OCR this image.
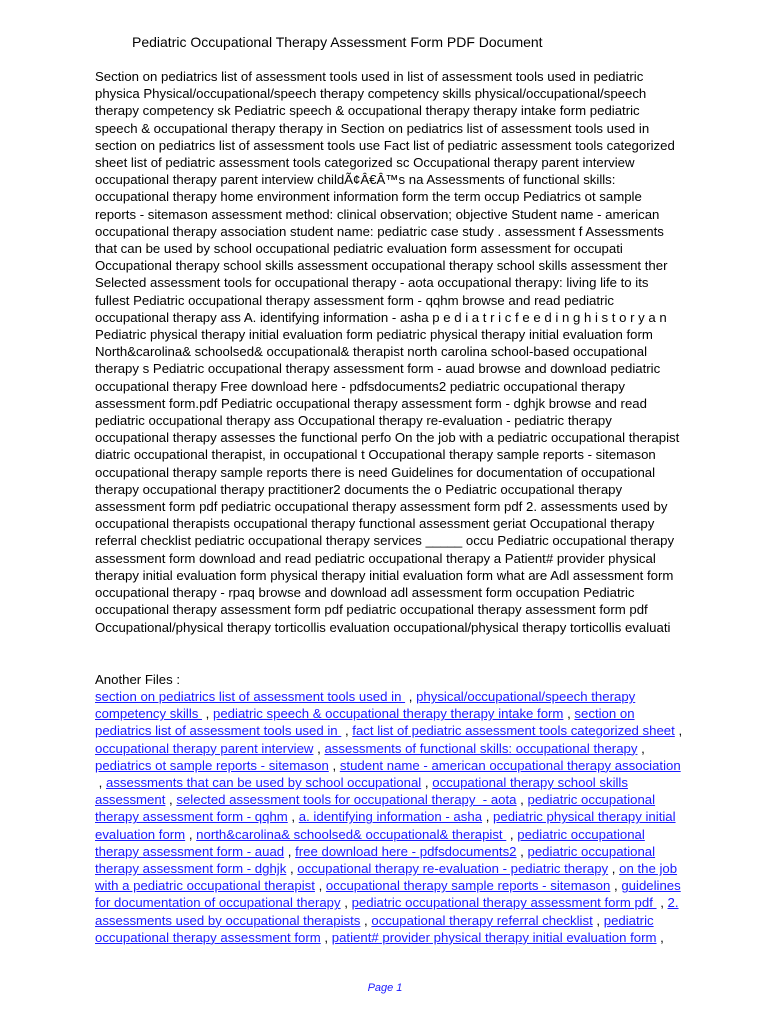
Pediatric Occupational Therapy Assessment Form PDF Document
Section on pediatrics list of assessment tools used in list of assessment tools used in pediatric
physica Physical/occupational/speech therapy competency skills physical/occupational/speech
therapy competency sk Pediatric speech & occupational therapy therapy intake form pediatric
speech & occupational therapy therapy in Section on pediatrics list of assessment tools used in
section on pediatrics list of assessment tools use Fact list of pediatric assessment tools categorized
sheet list of pediatric assessment tools categorized sc Occupational therapy parent interview
occupational therapy parent interview childÃ¢Â€Â™s na Assessments of functional skills:
occupational therapy home environment information form the term occup Pediatrics ot sample
reports - sitemason assessment method: clinical observation; objective Student name - american
occupational therapy association student name: pediatric case study . assessment f Assessments
that can be used by school occupational pediatric evaluation form assessment for occupati
Occupational therapy school skills assessment occupational therapy school skills assessment ther
Selected assessment tools for occupational therapy - aota occupational therapy: living life to its
fullest Pediatric occupational therapy assessment form - qqhm browse and read pediatric
occupational therapy ass A. identifying information - asha p e d i a t r i c f e e d i n g h i s t o r y a n
Pediatric physical therapy initial evaluation form pediatric physical therapy initial evaluation form
North&carolina& schoolsed& occupational& therapist north carolina school-based occupational
therapy s Pediatric occupational therapy assessment form - auad browse and download pediatric
occupational therapy Free download here - pdfsdocuments2 pediatric occupational therapy
assessment form.pdf Pediatric occupational therapy assessment form - dghjk browse and read
pediatric occupational therapy ass Occupational therapy re-evaluation - pediatric therapy
occupational therapy assesses the functional perfo On the job with a pediatric occupational therapist
diatric occupational therapist, in occupational t Occupational therapy sample reports - sitemason
occupational therapy sample reports there is need Guidelines for documentation of occupational
therapy occupational therapy practitioner2 documents the o Pediatric occupational therapy
assessment form pdf pediatric occupational therapy assessment form pdf 2. assessments used by
occupational therapists occupational therapy functional assessment geriat Occupational therapy
referral checklist pediatric occupational therapy services _____ occu Pediatric occupational therapy
assessment form download and read pediatric occupational therapy a Patient# provider physical
therapy initial evaluation form physical therapy initial evaluation form what are Adl assessment form
occupational therapy - rpaq browse and download adl assessment form occupation Pediatric
occupational therapy assessment form pdf pediatric occupational therapy assessment form pdf
Occupational/physical therapy torticollis evaluation occupational/physical therapy torticollis evaluati
Another Files :
section on pediatrics list of assessment tools used in  , physical/occupational/speech therapy
competency skills  , pediatric speech & occupational therapy therapy intake form , section on
pediatrics list of assessment tools used in  , fact list of pediatric assessment tools categorized sheet ,
occupational therapy parent interview , assessments of functional skills: occupational therapy ,
pediatrics ot sample reports - sitemason , student name - american occupational therapy association
, assessments that can be used by school occupational , occupational therapy school skills
assessment , selected assessment tools for occupational therapy  - aota , pediatric occupational
therapy assessment form - qqhm , a. identifying information - asha , pediatric physical therapy initial
evaluation form , north&carolina& schoolsed& occupational& therapist  , pediatric occupational
therapy assessment form - auad , free download here - pdfsdocuments2 , pediatric occupational
therapy assessment form - dghjk , occupational therapy re-evaluation - pediatric therapy , on the job
with a pediatric occupational therapist , occupational therapy sample reports - sitemason , guidelines
for documentation of occupational therapy , pediatric occupational therapy assessment form pdf  , 2.
assessments used by occupational therapists , occupational therapy referral checklist , pediatric
occupational therapy assessment form , patient# provider physical therapy initial evaluation form ,
Page 1
